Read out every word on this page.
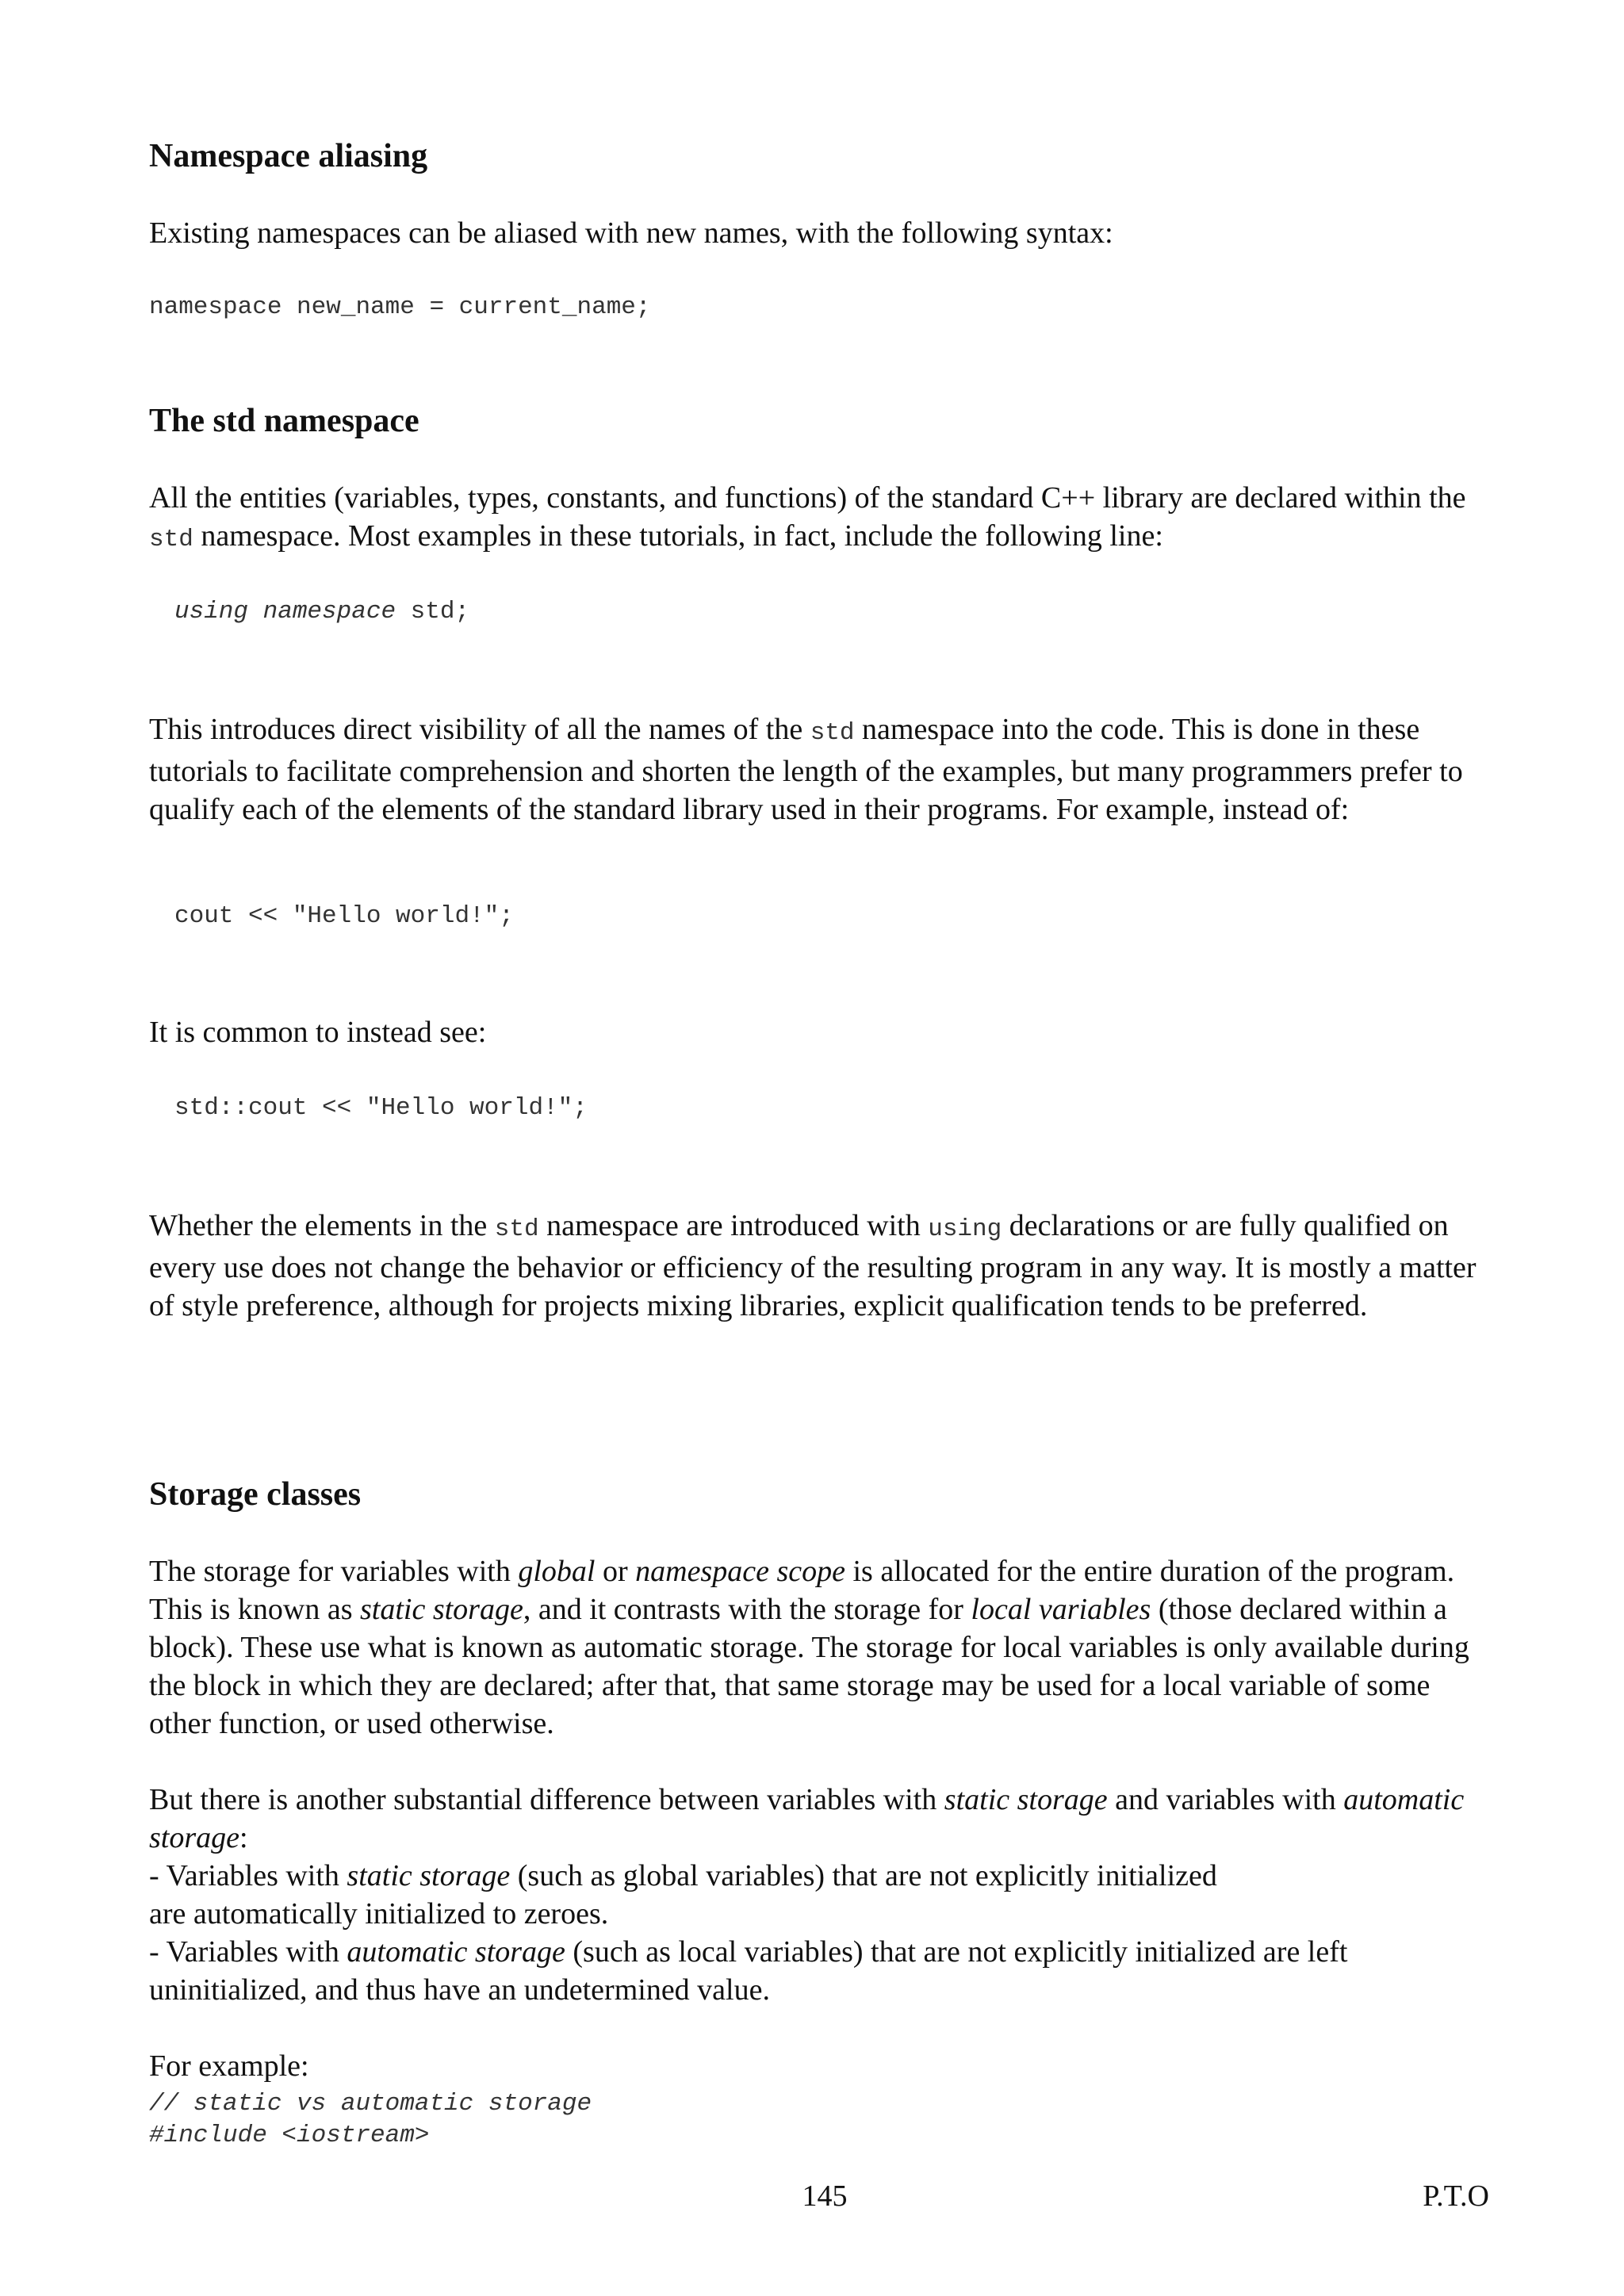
Namespace aliasing

Existing namespaces can be aliased with new names, with the following syntax:

namespace new_name = current_name;
The std namespace

All the entities (variables, types, constants, and functions) of the standard C++ library are declared within the std namespace. Most examples in these tutorials, in fact, include the following line:

using namespace std;

This introduces direct visibility of all the names of the std namespace into the code. This is done in these tutorials to facilitate comprehension and shorten the length of the examples, but many programmers prefer to qualify each of the elements of the standard library used in their programs. For example, instead of:

cout << "Hello world!";

It is common to instead see:

std::cout << "Hello world!";

Whether the elements in the std namespace are introduced with using declarations or are fully qualified on every use does not change the behavior or efficiency of the resulting program in any way. It is mostly a matter of style preference, although for projects mixing libraries, explicit qualification tends to be preferred.

Storage classes

The storage for variables with global or namespace scope is allocated for the entire duration of the program. This is known as static storage, and it contrasts with the storage for local variables (those declared within a block). These use what is known as automatic storage. The storage for local variables is only available during the block in which they are declared; after that, that same storage may be used for a local variable of some other function, or used otherwise.

But there is another substantial difference between variables with static storage and variables with automatic storage:

- Variables with static storage (such as global variables) that are not explicitly initialized
are automatically initialized to zeroes.

- Variables with automatic storage (such as local variables) that are not explicitly initialized are left uninitialized, and thus have an undetermined value.

For example:

// static vs automatic storage
#include <iostream>
145	P.T.O
